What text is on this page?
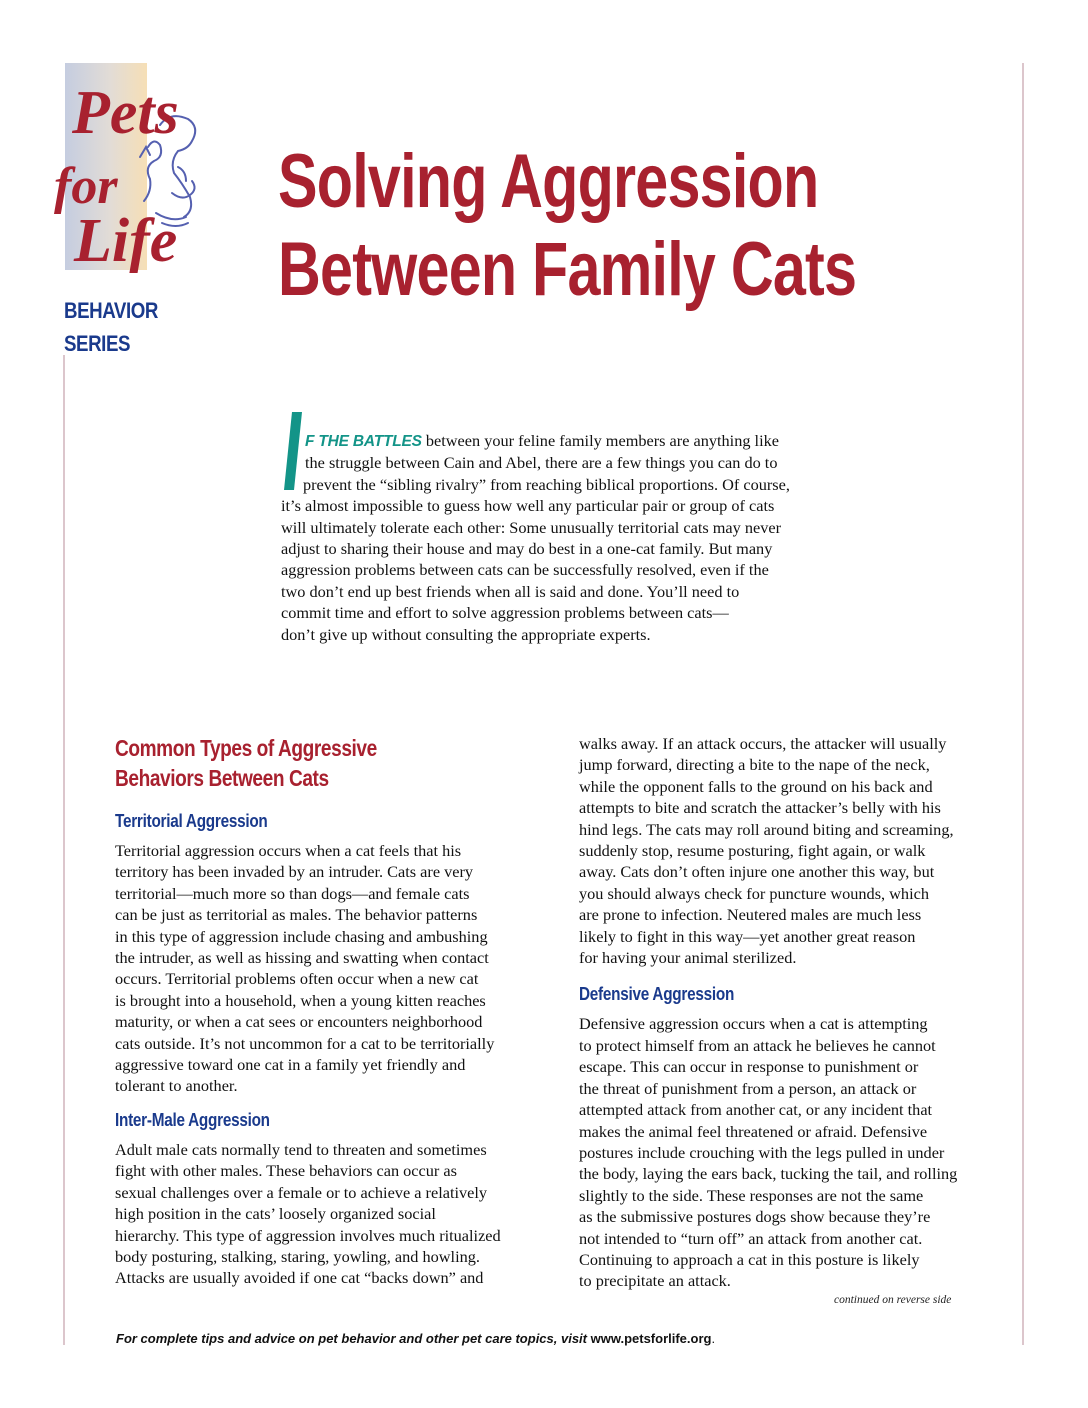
Pets
for
Life
BEHAVIOR
SERIES
Solving Aggression
Between Family Cats
F THE BATTLES between your feline family members are anything like
the struggle between Cain and Abel, there are a few things you can do to
prevent the “sibling rivalry” from reaching biblical proportions. Of course,
it’s almost impossible to guess how well any particular pair or group of cats
will ultimately tolerate each other: Some unusually territorial cats may never
adjust to sharing their house and may do best in a one-cat family. But many
aggression problems between cats can be successfully resolved, even if the
two don’t end up best friends when all is said and done. You’ll need to
commit time and effort to solve aggression problems between cats—
don’t give up without consulting the appropriate experts.
Common Types of Aggressive
Behaviors Between Cats
Territorial Aggression

Territorial aggression occurs when a cat feels that his
territory has been invaded by an intruder. Cats are very
territorial—much more so than dogs—and female cats
can be just as territorial as males. The behavior patterns
in this type of aggression include chasing and ambushing
the intruder, as well as hissing and swatting when contact
occurs. Territorial problems often occur when a new cat
is brought into a household, when a young kitten reaches
maturity, or when a cat sees or encounters neighborhood
cats outside. It’s not uncommon for a cat to be territorially
aggressive toward one cat in a family yet friendly and
tolerant to another.

Inter-Male Aggression

Adult male cats normally tend to threaten and sometimes
fight with other males. These behaviors can occur as
sexual challenges over a female or to achieve a relatively
high position in the cats’ loosely organized social
hierarchy. This type of aggression involves much ritualized
body posturing, stalking, staring, yowling, and howling.
Attacks are usually avoided if one cat “backs down” and

walks away. If an attack occurs, the attacker will usually
jump forward, directing a bite to the nape of the neck,
while the opponent falls to the ground on his back and
attempts to bite and scratch the attacker’s belly with his
hind legs. The cats may roll around biting and screaming,
suddenly stop, resume posturing, fight again, or walk
away. Cats don’t often injure one another this way, but
you should always check for puncture wounds, which
are prone to infection. Neutered males are much less
likely to fight in this way—yet another great reason
for having your animal sterilized.

Defensive Aggression

Defensive aggression occurs when a cat is attempting
to protect himself from an attack he believes he cannot
escape. This can occur in response to punishment or
the threat of punishment from a person, an attack or
attempted attack from another cat, or any incident that
makes the animal feel threatened or afraid. Defensive
postures include crouching with the legs pulled in under
the body, laying the ears back, tucking the tail, and rolling
slightly to the side. These responses are not the same
as the submissive postures dogs show because they’re
not intended to “turn off” an attack from another cat.
Continuing to approach a cat in this posture is likely
to precipitate an attack.

continued on reverse side
For complete tips and advice on pet behavior and other pet care topics, visit www.petsforlife.org.
